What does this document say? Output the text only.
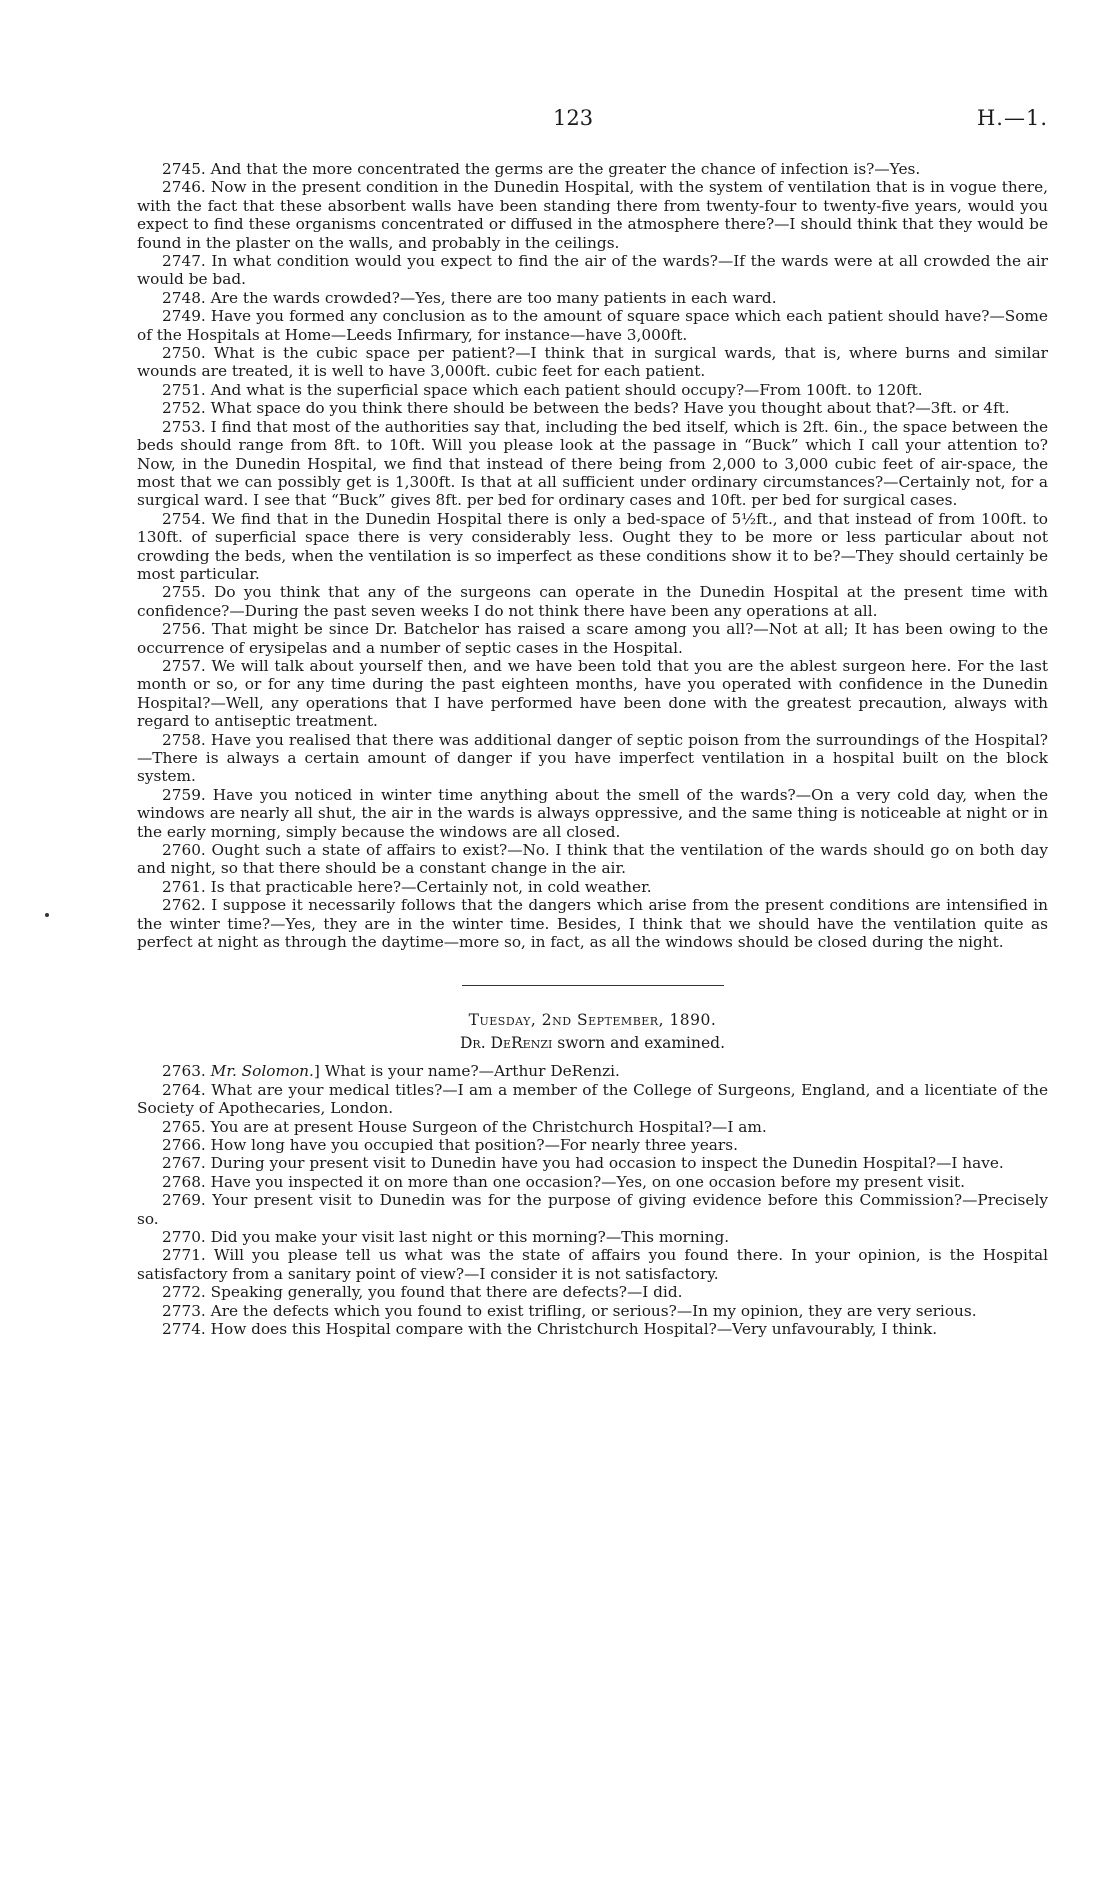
123	H.—1.

2745. And that the more concentrated the germs are the greater the chance of infection is?—Yes.

2746. Now in the present condition in the Dunedin Hospital, with the system of ventilation that is in vogue there, with the fact that these absorbent walls have been standing there from twenty-four to twenty-five years, would you expect to find these organisms concentrated or diffused in the atmosphere there?—I should think that they would be found in the plaster on the walls, and probably in the ceilings.

2747. In what condition would you expect to find the air of the wards?—If the wards were at all crowded the air would be bad.

2748. Are the wards crowded?—Yes, there are too many patients in each ward.

2749. Have you formed any conclusion as to the amount of square space which each patient should have?—Some of the Hospitals at Home—Leeds Infirmary, for instance—have 3,000ft.

2750. What is the cubic space per patient?—I think that in surgical wards, that is, where burns and similar wounds are treated, it is well to have 3,000ft. cubic feet for each patient.

2751. And what is the superficial space which each patient should occupy?—From 100ft. to 120ft.

2752. What space do you think there should be between the beds? Have you thought about that?—3ft. or 4ft.

2753. I find that most of the authorities say that, including the bed itself, which is 2ft. 6in., the space between the beds should range from 8ft. to 10ft. Will you please look at the passage in “Buck” which I call your attention to? Now, in the Dunedin Hospital, we find that instead of there being from 2,000 to 3,000 cubic feet of air-space, the most that we can possibly get is 1,300ft. Is that at all sufficient under ordinary circumstances?—Certainly not, for a surgical ward. I see that “Buck” gives 8ft. per bed for ordinary cases and 10ft. per bed for surgical cases.

2754. We find that in the Dunedin Hospital there is only a bed-space of 5½ft., and that instead of from 100ft. to 130ft. of superficial space there is very considerably less. Ought they to be more or less particular about not crowding the beds, when the ventilation is so imperfect as these conditions show it to be?—They should certainly be most particular.

2755. Do you think that any of the surgeons can operate in the Dunedin Hospital at the present time with confidence?—During the past seven weeks I do not think there have been any operations at all.

2756. That might be since Dr. Batchelor has raised a scare among you all?—Not at all; It has been owing to the occurrence of erysipelas and a number of septic cases in the Hospital.

2757. We will talk about yourself then, and we have been told that you are the ablest surgeon here. For the last month or so, or for any time during the past eighteen months, have you operated with confidence in the Dunedin Hospital?—Well, any operations that I have performed have been done with the greatest precaution, always with regard to antiseptic treatment.

2758. Have you realised that there was additional danger of septic poison from the surroundings of the Hospital?—There is always a certain amount of danger if you have imperfect ventilation in a hospital built on the block system.

2759. Have you noticed in winter time anything about the smell of the wards?—On a very cold day, when the windows are nearly all shut, the air in the wards is always oppressive, and the same thing is noticeable at night or in the early morning, simply because the windows are all closed.

2760. Ought such a state of affairs to exist?—No. I think that the ventilation of the wards should go on both day and night, so that there should be a constant change in the air.

2761. Is that practicable here?—Certainly not, in cold weather.

2762. I suppose it necessarily follows that the dangers which arise from the present conditions are intensified in the winter time?—Yes, they are in the winter time. Besides, I think that we should have the ventilation quite as perfect at night as through the daytime—more so, in fact, as all the windows should be closed during the night.

Tuesday, 2nd September, 1890.
Dr. DeRenzi sworn and examined.

2763. Mr. Solomon.] What is your name?—Arthur DeRenzi.

2764. What are your medical titles?—I am a member of the College of Surgeons, England, and a licentiate of the Society of Apothecaries, London.

2765. You are at present House Surgeon of the Christchurch Hospital?—I am.

2766. How long have you occupied that position?—For nearly three years.

2767. During your present visit to Dunedin have you had occasion to inspect the Dunedin Hospital?—I have.

2768. Have you inspected it on more than one occasion?—Yes, on one occasion before my present visit.

2769. Your present visit to Dunedin was for the purpose of giving evidence before this Commission?—Precisely so.

2770. Did you make your visit last night or this morning?—This morning.

2771. Will you please tell us what was the state of affairs you found there. In your opinion, is the Hospital satisfactory from a sanitary point of view?—I consider it is not satisfactory.

2772. Speaking generally, you found that there are defects?—I did.

2773. Are the defects which you found to exist trifling, or serious?—In my opinion, they are very serious.

2774. How does this Hospital compare with the Christchurch Hospital?—Very unfavourably, I think.
